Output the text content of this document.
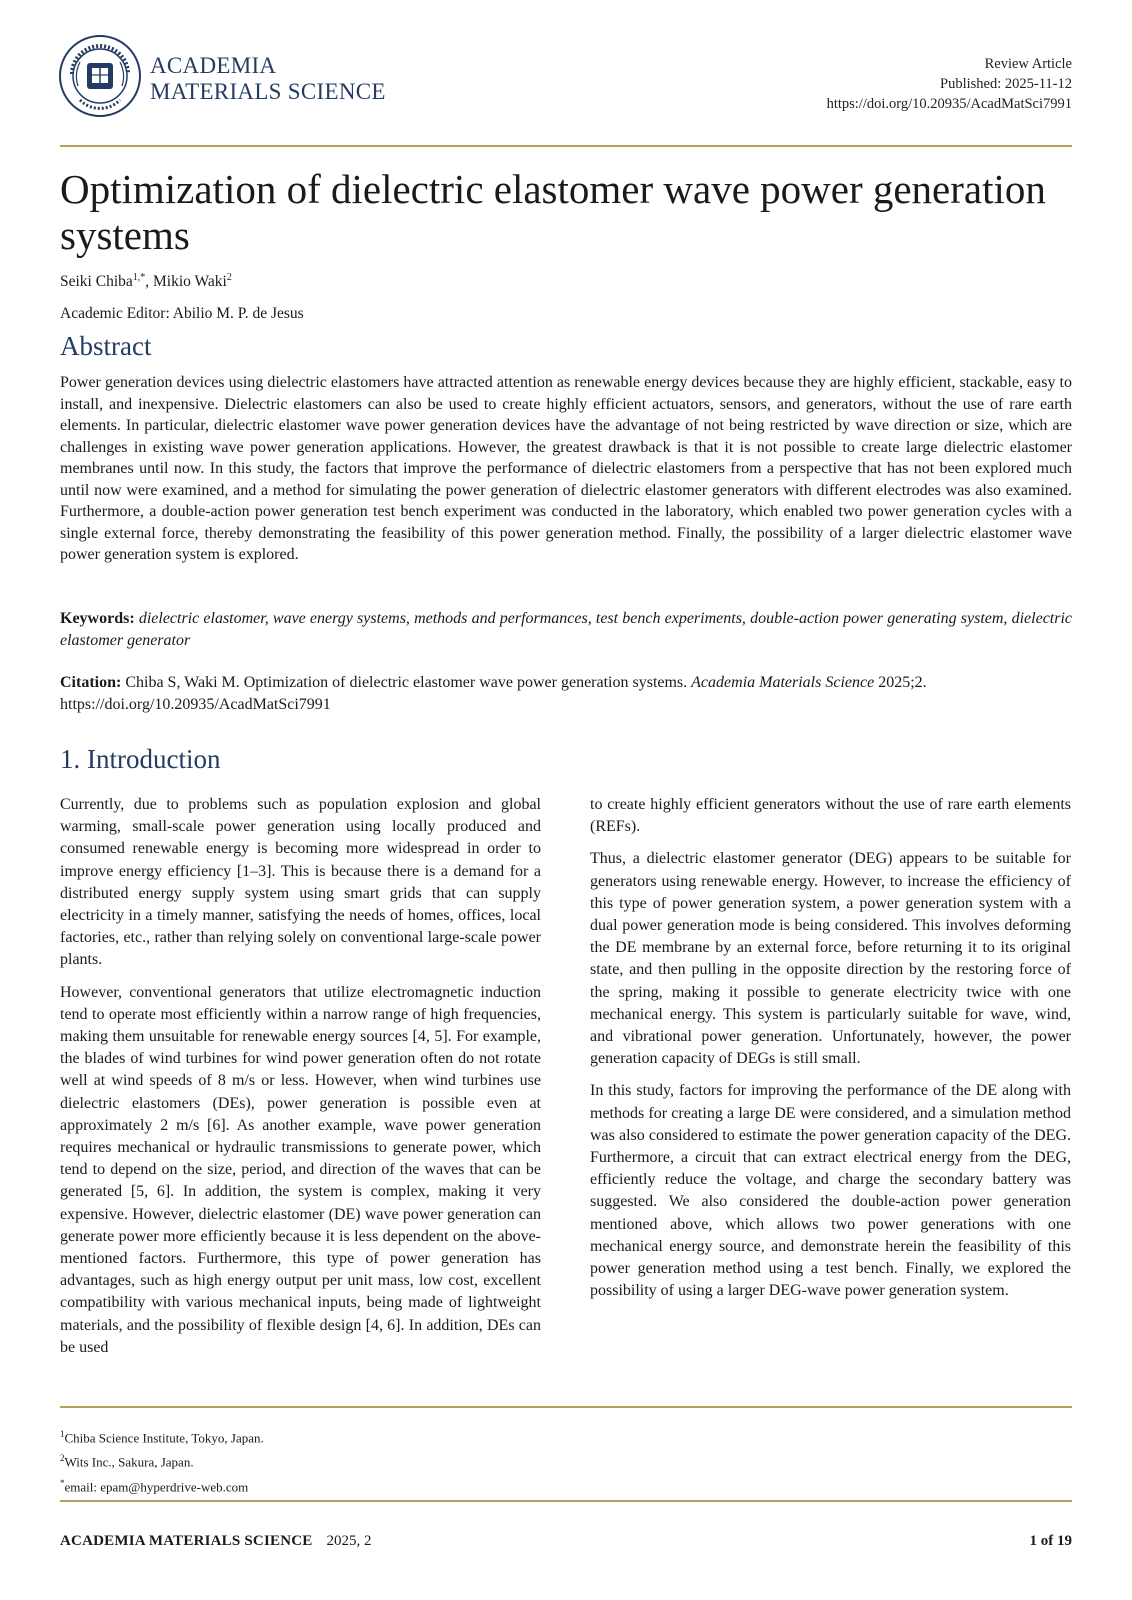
ACADEMIA
MATERIALS SCIENCE
Review Article
Published: 2025-11-12
https://doi.org/10.20935/AcadMatSci7991
Optimization of dielectric elastomer wave power generation systems
Seiki Chiba$^{1,*}$, Mikio Waki$^2$
Academic Editor: Abilio M. P. de Jesus
Abstract

Power generation devices using dielectric elastomers have attracted attention as renewable energy devices because they are highly efficient, stackable, easy to install, and inexpensive. Dielectric elastomers can also be used to create highly efficient actuators, sensors, and generators, without the use of rare earth elements. In particular, dielectric elastomer wave power generation devices have the advantage of not being restricted by wave direction or size, which are challenges in existing wave power generation applications. However, the greatest drawback is that it is not possible to create large dielectric elastomer membranes until now. In this study, the factors that improve the performance of dielectric elastomers from a perspective that has not been explored much until now were examined, and a method for simulating the power generation of dielectric elastomer generators with different electrodes was also examined. Furthermore, a double-action power generation test bench experiment was conducted in the laboratory, which enabled two power generation cycles with a single external force, thereby demonstrating the feasibility of this power generation method. Finally, the possibility of a larger dielectric elastomer wave power generation system is explored.

Keywords: dielectric elastomer, wave energy systems, methods and performances, test bench experiments, double-action power generating system, dielectric elastomer generator

Citation: Chiba S, Waki M. Optimization of dielectric elastomer wave power generation systems. Academia Materials Science 2025;2.
https://doi.org/10.20935/AcadMatSci7991

1. Introduction

Currently, due to problems such as population explosion and global warming, small-scale power generation using locally produced and consumed renewable energy is becoming more widespread in order to improve energy efficiency [1–3]. This is because there is a demand for a distributed energy supply system using smart grids that can supply electricity in a timely manner, satisfying the needs of homes, offices, local factories, etc., rather than relying solely on conventional large-scale power plants.

However, conventional generators that utilize electromagnetic induction tend to operate most efficiently within a narrow range of high frequencies, making them unsuitable for renewable energy sources [4, 5]. For example, the blades of wind turbines for wind power generation often do not rotate well at wind speeds of 8 m/s or less. However, when wind turbines use dielectric elastomers (DEs), power generation is possible even at approximately 2 m/s [6]. As another example, wave power generation requires mechanical or hydraulic transmissions to generate power, which tend to depend on the size, period, and direction of the waves that can be generated [5, 6]. In addition, the system is complex, making it very expensive. However, dielectric elastomer (DE) wave power generation can generate power more efficiently because it is less dependent on the above-mentioned factors. Furthermore, this type of power generation has advantages, such as high energy output per unit mass, low cost, excellent compatibility with various mechanical inputs, being made of lightweight materials, and the possibility of flexible design [4, 6]. In addition, DEs can be used

to create highly efficient generators without the use of rare earth elements (REFs).

Thus, a dielectric elastomer generator (DEG) appears to be suitable for generators using renewable energy. However, to increase the efficiency of this type of power generation system, a power generation system with a dual power generation mode is being considered. This involves deforming the DE membrane by an external force, before returning it to its original state, and then pulling in the opposite direction by the restoring force of the spring, making it possible to generate electricity twice with one mechanical energy. This system is particularly suitable for wave, wind, and vibrational power generation. Unfortunately, however, the power generation capacity of DEGs is still small.

In this study, factors for improving the performance of the DE along with methods for creating a large DE were considered, and a simulation method was also considered to estimate the power generation capacity of the DEG. Furthermore, a circuit that can extract electrical energy from the DEG, efficiently reduce the voltage, and charge the secondary battery was suggested. We also considered the double-action power generation mentioned above, which allows two power generations with one mechanical energy source, and demonstrate herein the feasibility of this power generation method using a test bench. Finally, we explored the possibility of using a larger DEG-wave power generation system.

$^1$Chiba Science Institute, Tokyo, Japan.
$^2$Wits Inc., Sakura, Japan.
*email: epam@hyperdrive-web.com
ACADEMIA MATERIALS SCIENCE 2025, 2	1 of 19
